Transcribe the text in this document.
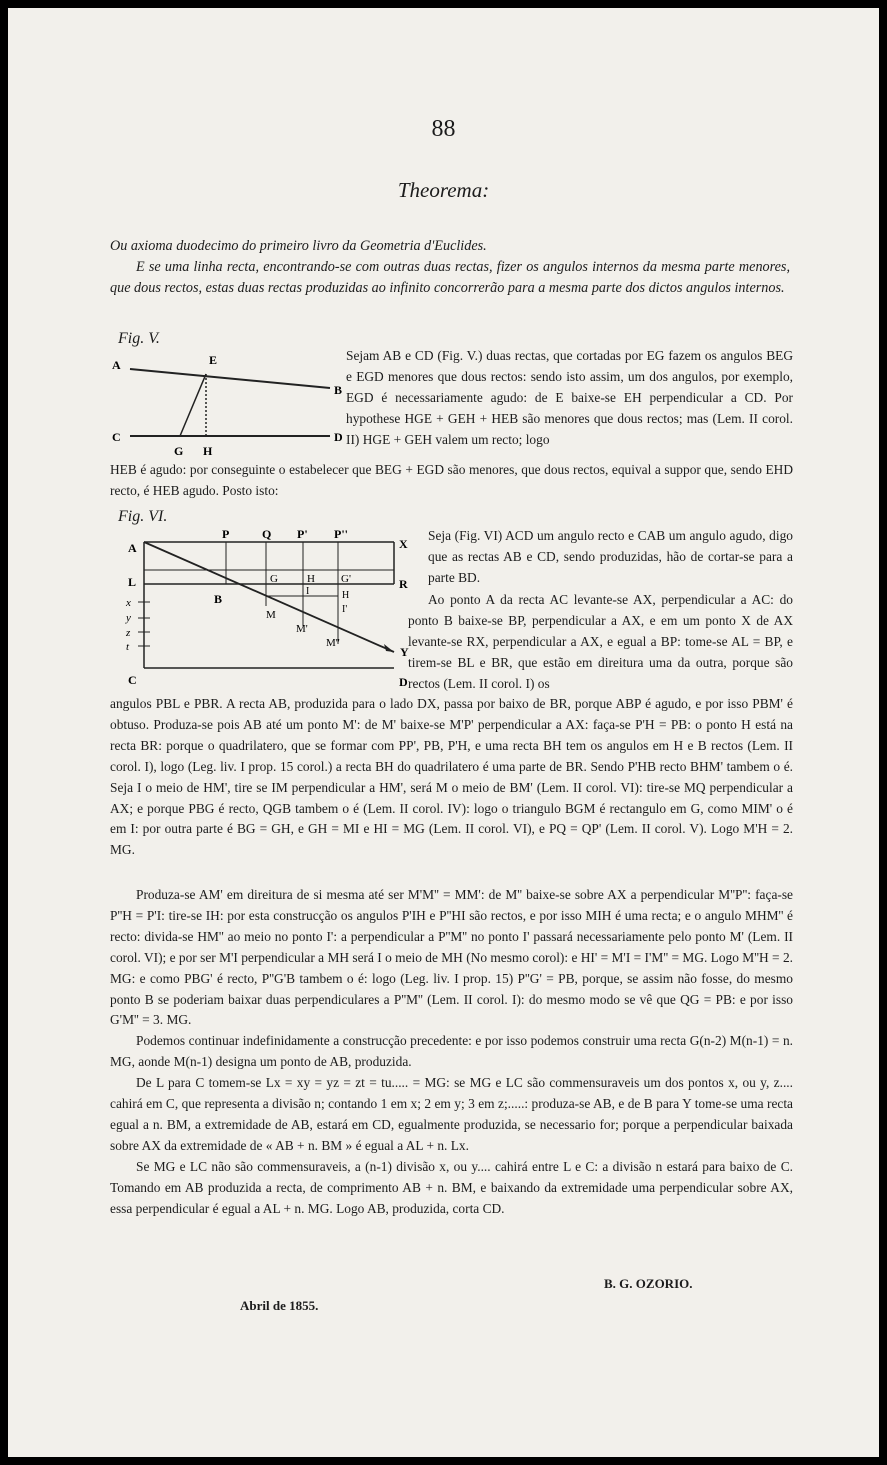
88
Theorema:

Ou axioma duodecimo do primeiro livro da Geometria d'Euclides.

E se uma linha recta, encontrando-se com outras duas rectas, fizer os angulos internos da mesma parte menores, que dous rectos, estas duas rectas produzidas ao infinito concorrerão para a mesma parte dos dictos angulos internos.

Fig. V.
A	E
B
C	D
G H
Sejam AB e CD (Fig. V.) duas rectas, que cortadas por EG fazem os angulos BEG e EGD menores que dous rectos: sendo isto assim, um dos angulos, por exemplo, EGD é necessariamente agudo: de E baixe-se EH perpendicular a CD. Por hypothese HGE + GEH + HEB são menores que dous rectos; mas (Lem. II corol. II) HGE + GEH valem um recto; logo
HEB é agudo: por conseguinte o estabelecer que BEG + EGD são menores, que dous rectos, equival a suppor que, sendo EHD recto, é HEB agudo. Posto isto:
Fig. VI.
A
P	Q P' P''
X
L	G	H G'	R
I	H
I'
B
M
M'
M''
Y
x
y
z
t
C	D
Seja (Fig. VI) ACD um angulo recto e CAB um angulo agudo, digo que as rectas AB e CD, sendo produzidas, hão de cortar-se para a parte BD.
Ao ponto A da recta AC levante-se AX, perpendicular a AC: do ponto B baixe-se BP, perpendicular a AX, e em um ponto X de AX levante-se RX, perpendicular a AX, e egual a BP: tome-se AL = BP, e tirem-se BL e BR, que estão em direitura uma da outra, porque são rectos (Lem. II corol. I) os
angulos PBL e PBR. A recta AB, produzida para o lado DX, passa por baixo de BR, porque ABP é agudo, e por isso PBM' é obtuso. Produza-se pois AB até um ponto M': de M' baixe-se M'P' perpendicular a AX: faça-se P'H = PB: o ponto H está na recta BR: porque o quadrilatero, que se formar com PP', PB, P'H, e uma recta BH tem os angulos em H e B rectos (Lem. II corol. I), logo (Leg. liv. I prop. 15 corol.) a recta BH do quadrilatero é uma parte de BR. Sendo P'HB recto BHM' tambem o é. Seja I o meio de HM', tire se IM perpendicular a HM', será M o meio de BM' (Lem. II corol. VI): tire-se MQ perpendicular a AX; e porque PBG é recto, QGB tambem o é (Lem. II corol. IV): logo o triangulo BGM é rectangulo em G, como MIM' o é em I: por outra parte é BG = GH, e GH = MI e HI = MG (Lem. II corol. VI), e PQ = QP' (Lem. II corol. V). Logo M'H = 2. MG.

Produza-se AM' em direitura de si mesma até ser M'M'' = MM': de M'' baixe-se sobre AX a perpendicular M''P'': faça-se P''H = P'I: tire-se IH: por esta construcção os angulos P'IH e P''HI são rectos, e por isso MIH é uma recta; e o angulo MHM'' é recto: divida-se HM'' ao meio no ponto I': a perpendicular a P''M'' no ponto I' passará necessariamente pelo ponto M' (Lem. II corol. VI); e por ser M'I perpendicular a MH será I o meio de MH (No mesmo corol): e HI' = M'I = I'M'' = MG. Logo M''H = 2. MG: e como PBG' é recto, P''G'B tambem o é: logo (Leg. liv. I prop. 15) P''G' = PB, porque, se assim não fosse, do mesmo ponto B se poderiam baixar duas perpendiculares a P''M'' (Lem. II corol. I): do mesmo modo se vê que QG = PB: e por isso G'M'' = 3. MG.

Podemos continuar indefinidamente a construcção precedente: e por isso podemos construir uma recta G(n-2) M(n-1) = n. MG, aonde M(n-1) designa um ponto de AB, produzida.

De L para C tomem-se Lx = xy = yz = zt = tu..... = MG: se MG e LC são commensuraveis um dos pontos x, ou y, z.... cahirá em C, que representa a divisão n; contando 1 em x; 2 em y; 3 em z;.....: produza-se AB, e de B para Y tome-se uma recta egual a n. BM, a extremidade de AB, estará em CD, egualmente produzida, se necessario for; porque a perpendicular baixada sobre AX da extremidade de « AB + n. BM » é egual a AL + n. Lx.

Se MG e LC não são commensuraveis, a (n-1) divisão x, ou y.... cahirá entre L e C: a divisão n estará para baixo de C. Tomando em AB produzida a recta, de comprimento AB + n. BM, e baixando da extremidade uma perpendicular sobre AX, essa perpendicular é egual a AL + n. MG. Logo AB, produzida, corta CD.

B. G. OZORIO.
Abril de 1855.
